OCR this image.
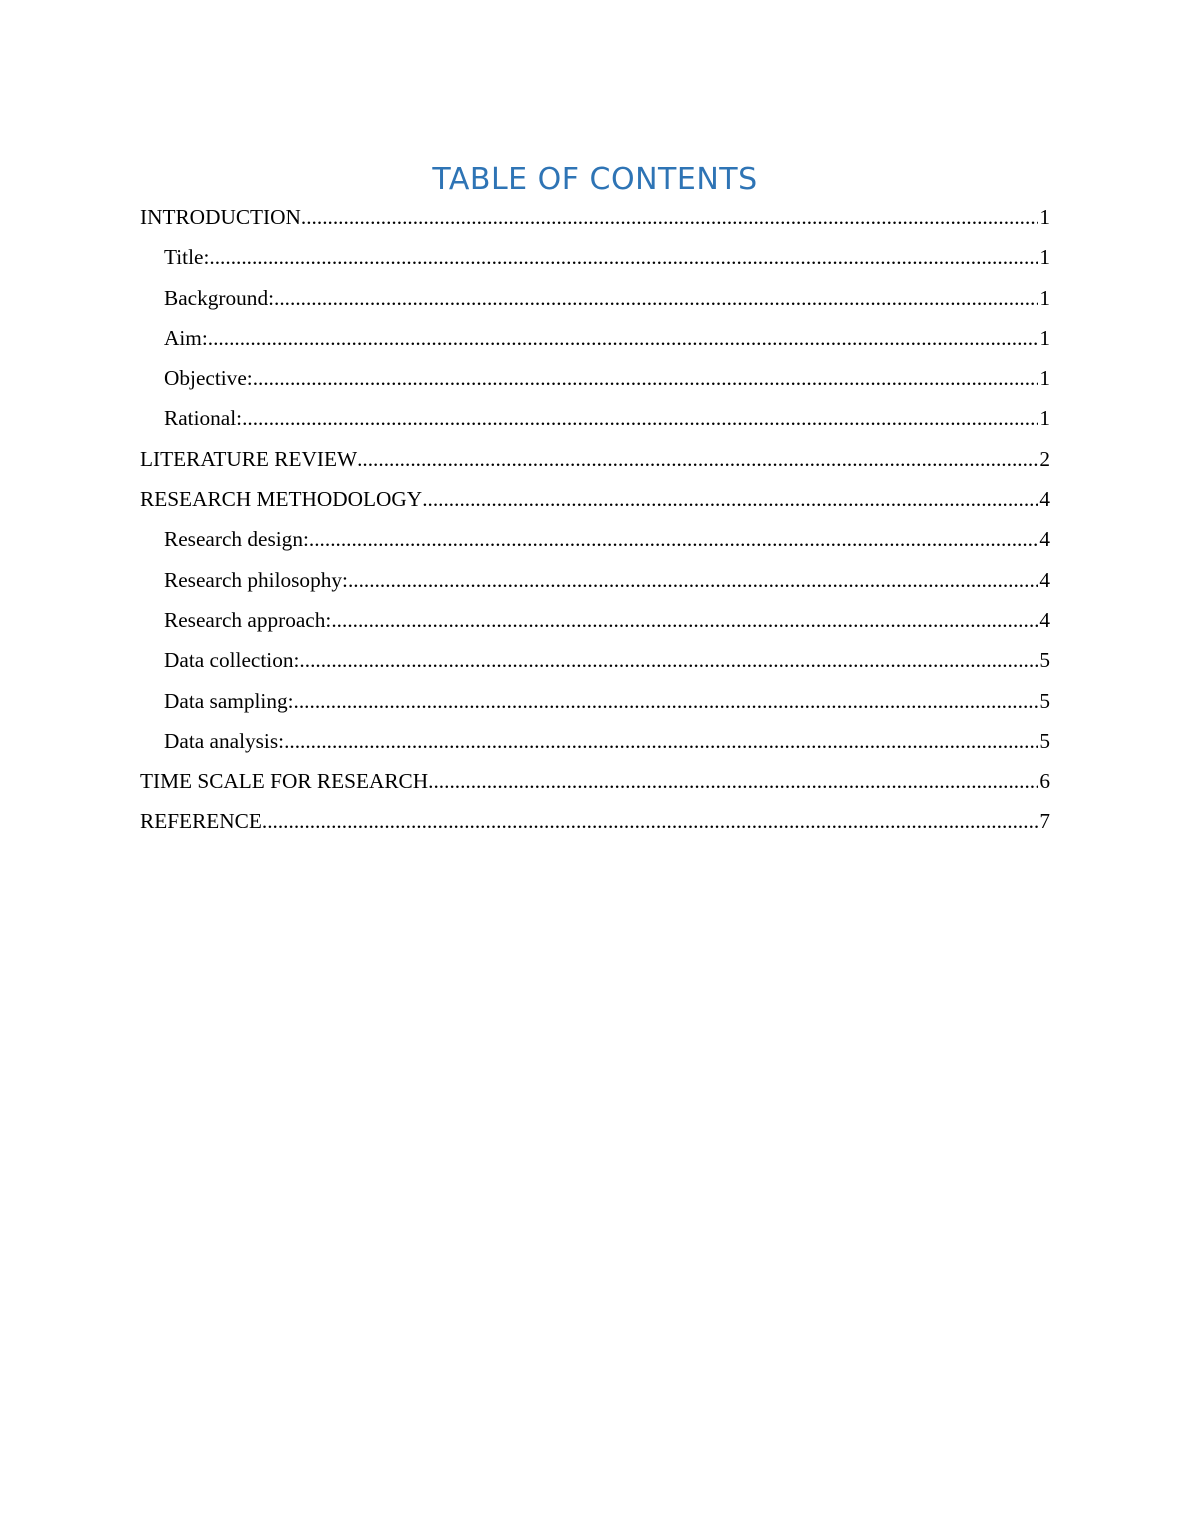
TABLE OF CONTENTS
INTRODUCTION .....	1
Title: .....	1
Background: .....	1
Aim: .....	1
Objective: .....	1
Rational: .....	1
LITERATURE REVIEW .....	2
RESEARCH METHODOLOGY .....	4
Research design: .....	4
Research philosophy: .....	4
Research approach: .....	4
Data collection: .....	5
Data sampling: .....	5
Data analysis: .....	5
TIME SCALE FOR RESEARCH .....	6
REFERENCE .....	7
